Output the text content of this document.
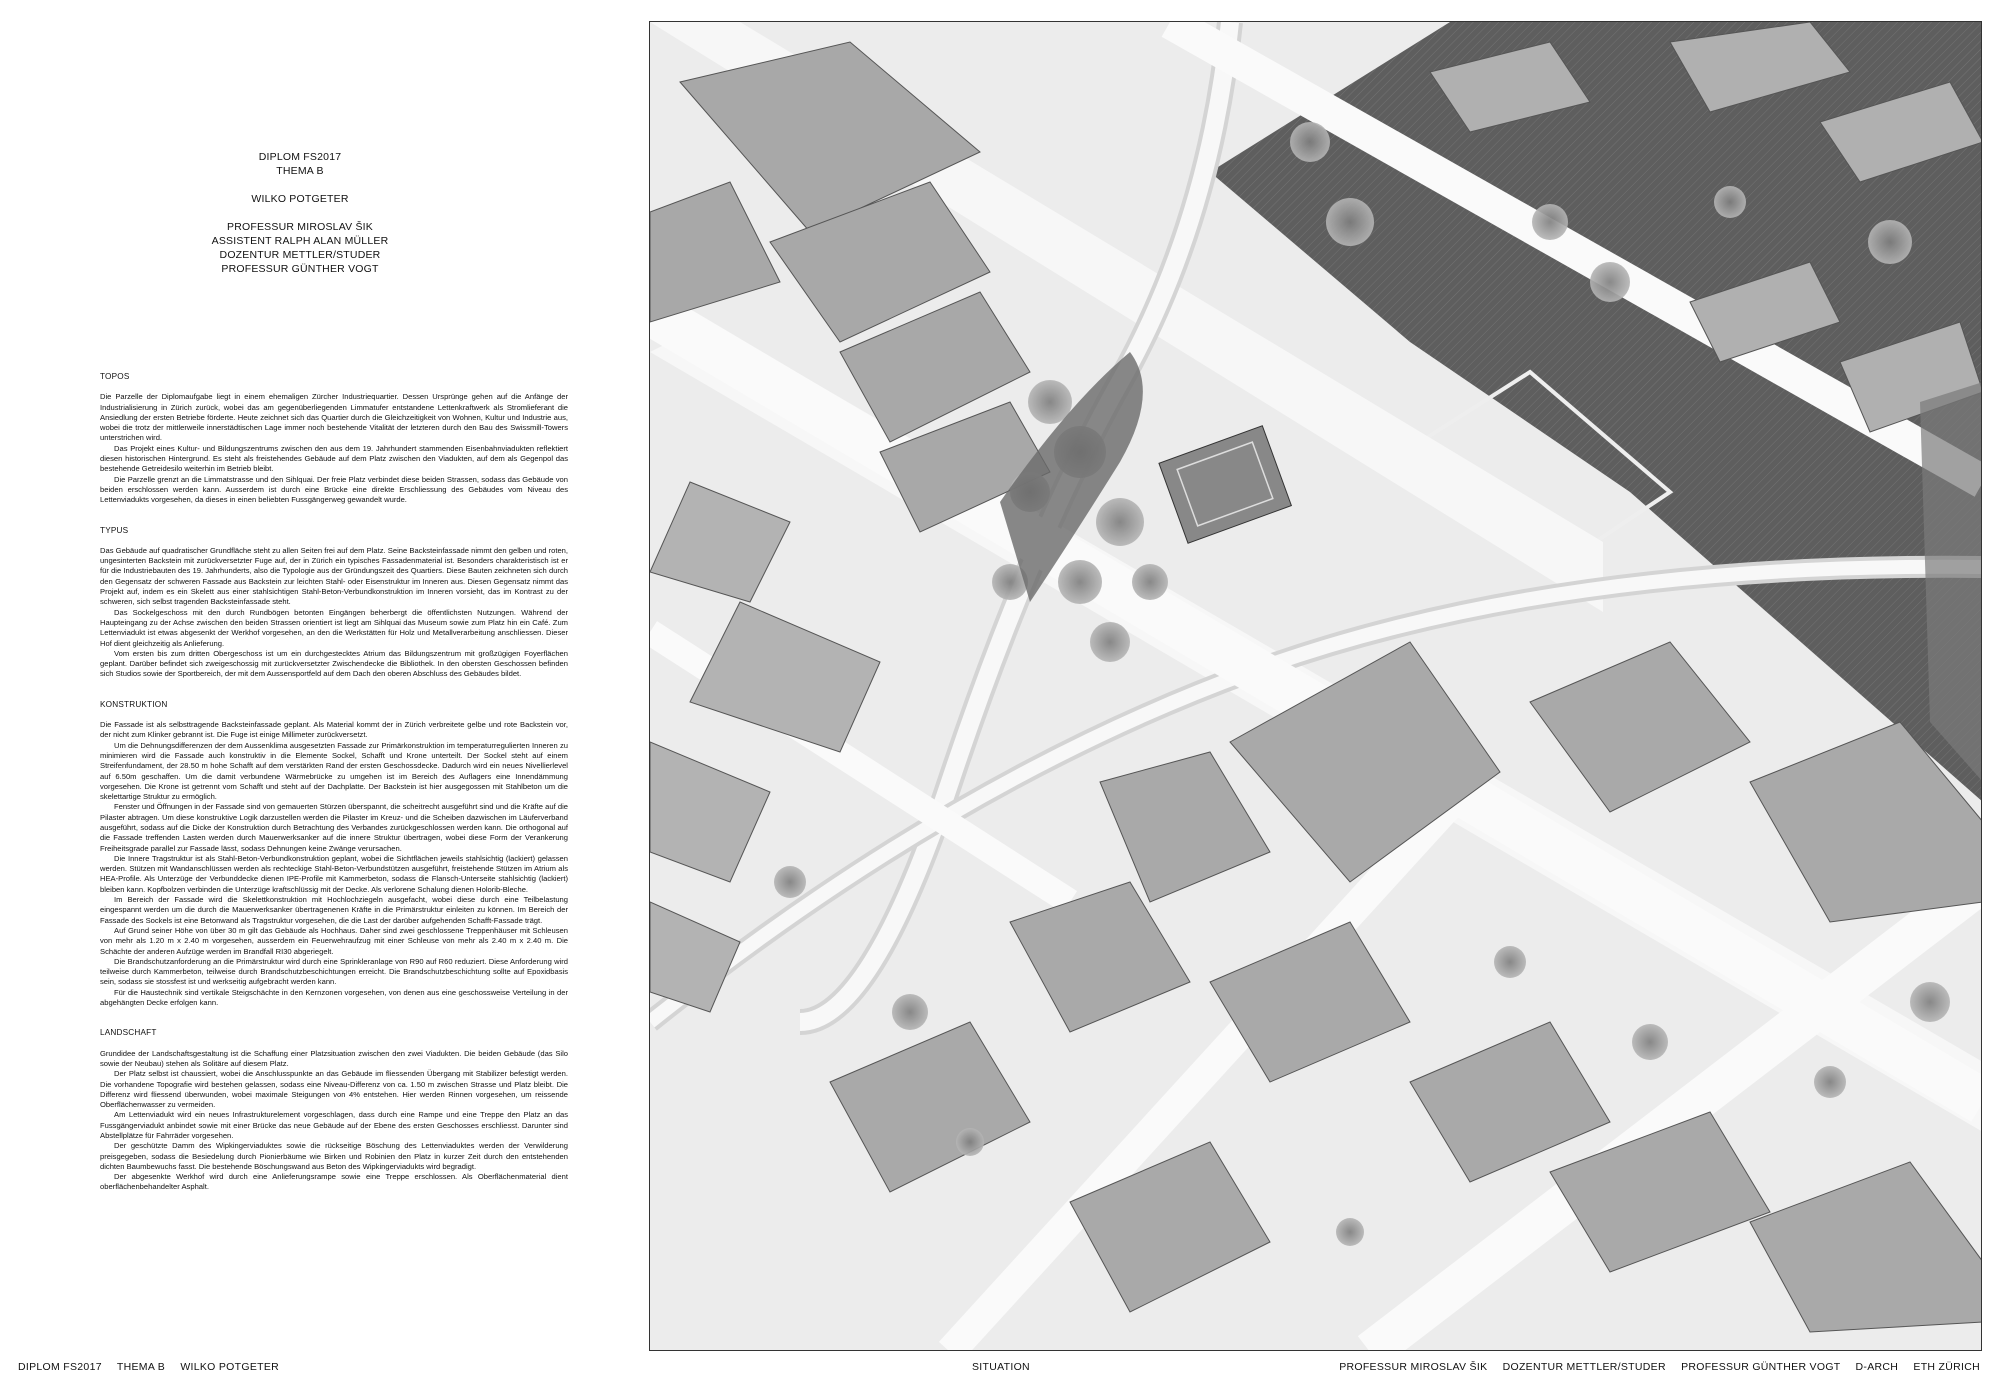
DIPLOM FS2017
THEMA B
WILKO POTGETER
PROFESSUR MIROSLAV ŠIK
ASSISTENT RALPH ALAN MÜLLER
DOZENTUR METTLER/STUDER
PROFESSUR GÜNTHER VOGT
TOPOS

Die Parzelle der Diplomaufgabe liegt in einem ehemaligen Zürcher Industriequartier. Dessen Ursprünge gehen auf die Anfänge der Industrialisierung in Zürich zurück, wobei das am gegenüberliegenden Limmatufer entstandene Lettenkraftwerk als Stromlieferant die Ansiedlung der ersten Betriebe förderte. Heute zeichnet sich das Quartier durch die Gleichzeitigkeit von Wohnen, Kultur und Industrie aus, wobei die trotz der mittlerweile innerstädtischen Lage immer noch bestehende Vitalität der letzteren durch den Bau des Swissmill-Towers unterstrichen wird.

Das Projekt eines Kultur- und Bildungszentrums zwischen den aus dem 19. Jahrhundert stammenden Eisenbahnviadukten reflektiert diesen historischen Hintergrund. Es steht als freistehendes Gebäude auf dem Platz zwischen den Viadukten, auf dem als Gegenpol das bestehende Getreidesilo weiterhin im Betrieb bleibt.

Die Parzelle grenzt an die Limmatstrasse und den Sihlquai. Der freie Platz verbindet diese beiden Strassen, sodass das Gebäude von beiden erschlossen werden kann. Ausserdem ist durch eine Brücke eine direkte Erschliessung des Gebäudes vom Niveau des Lettenviadukts vorgesehen, da dieses in einen beliebten Fussgängerweg gewandelt wurde.

TYPUS

Das Gebäude auf quadratischer Grundfläche steht zu allen Seiten frei auf dem Platz. Seine Backsteinfassade nimmt den gelben und roten, ungesinterten Backstein mit zurückversetzter Fuge auf, der in Zürich ein typisches Fassadenmaterial ist. Besonders charakteristisch ist er für die Industriebauten des 19. Jahrhunderts, also die Typologie aus der Gründungszeit des Quartiers. Diese Bauten zeichneten sich durch den Gegensatz der schweren Fassade aus Backstein zur leichten Stahl- oder Eisenstruktur im Inneren aus. Diesen Gegensatz nimmt das Projekt auf, indem es ein Skelett aus einer stahlsichtigen Stahl-Beton-Verbundkonstruktion im Inneren vorsieht, das im Kontrast zu der schweren, sich selbst tragenden Backsteinfassade steht.

Das Sockelgeschoss mit den durch Rundbögen betonten Eingängen beherbergt die öffentlichsten Nutzungen. Während der Haupteingang zu der Achse zwischen den beiden Strassen orientiert ist liegt am Sihlquai das Museum sowie zum Platz hin ein Café. Zum Lettenviadukt ist etwas abgesenkt der Werkhof vorgesehen, an den die Werkstätten für Holz und Metallverarbeitung anschliessen. Dieser Hof dient gleichzeitig als Anlieferung.

Vom ersten bis zum dritten Obergeschoss ist um ein durchgestecktes Atrium das Bildungszentrum mit großzügigen Foyerflächen geplant. Darüber befindet sich zweigeschossig mit zurückversetzter Zwischendecke die Bibliothek. In den obersten Geschossen befinden sich Studios sowie der Sportbereich, der mit dem Aussensportfeld auf dem Dach den oberen Abschluss des Gebäudes bildet.

KONSTRUKTION

Die Fassade ist als selbsttragende Backsteinfassade geplant. Als Material kommt der in Zürich verbreitete gelbe und rote Backstein vor, der nicht zum Klinker gebrannt ist. Die Fuge ist einige Millimeter zurückversetzt.

Um die Dehnungsdifferenzen der dem Aussenklima ausgesetzten Fassade zur Primärkonstruktion im temperaturregulierten Inneren zu minimieren wird die Fassade auch konstruktiv in die Elemente Sockel, Schafft und Krone unterteilt. Der Sockel steht auf einem Streifenfundament, der 28.50 m hohe Schafft auf dem verstärkten Rand der ersten Geschossdecke. Dadurch wird ein neues Nivellierlevel auf 6.50m geschaffen. Um die damit verbundene Wärmebrücke zu umgehen ist im Bereich des Auflagers eine Innendämmung vorgesehen. Die Krone ist getrennt vom Schafft und steht auf der Dachplatte. Der Backstein ist hier ausgegossen mit Stahlbeton um die skelettartige Struktur zu ermöglich.

Fenster und Öffnungen in der Fassade sind von gemauerten Stürzen überspannt, die scheitrecht ausgeführt sind und die Kräfte auf die Pilaster abtragen. Um diese konstruktive Logik darzustellen werden die Pilaster im Kreuz- und die Scheiben dazwischen im Läuferverband ausgeführt, sodass auf die Dicke der Konstruktion durch Betrachtung des Verbandes zurückgeschlossen werden kann. Die orthogonal auf die Fassade treffenden Lasten werden durch Mauerwerksanker auf die innere Struktur übertragen, wobei diese Form der Verankerung Freiheitsgrade parallel zur Fassade lässt, sodass Dehnungen keine Zwänge verursachen.

Die Innere Tragstruktur ist als Stahl-Beton-Verbundkonstruktion geplant, wobei die Sichtflächen jeweils stahlsichtig (lackiert) gelassen werden. Stützen mit Wandanschlüssen werden als rechteckige Stahl-Beton-Verbundstützen ausgeführt, freistehende Stützen im Atrium als HEA-Profile. Als Unterzüge der Verbunddecke dienen IPE-Profile mit Kammerbeton, sodass die Flansch-Unterseite stahlsichtig (lackiert) bleiben kann. Kopfbolzen verbinden die Unterzüge kraftschlüssig mit der Decke. Als verlorene Schalung dienen Holorib-Bleche.

Im Bereich der Fassade wird die Skelettkonstruktion mit Hochlochziegeln ausgefacht, wobei diese durch eine Teilbelastung eingespannt werden um die durch die Mauerwerksanker übertragenenen Kräfte in die Primärstruktur einleiten zu können. Im Bereich der Fassade des Sockels ist eine Betonwand als Tragstruktur vorgesehen, die die Last der darüber aufgehenden Schafft-Fassade trägt.

Auf Grund seiner Höhe von über 30 m gilt das Gebäude als Hochhaus. Daher sind zwei geschlossene Treppenhäuser mit Schleusen von mehr als 1.20 m x 2.40 m vorgesehen, ausserdem ein Feuerwehraufzug mit einer Schleuse von mehr als 2.40 m x 2.40 m. Die Schächte der anderen Aufzüge werden im Brandfall RI30 abgeriegelt.

Die Brandschutzanforderung an die Primärstruktur wird durch eine Sprinkleranlage von R90 auf R60 reduziert. Diese Anforderung wird teilweise durch Kammerbeton, teilweise durch Brandschutzbeschichtungen erreicht. Die Brandschutzbeschichtung sollte auf Epoxidbasis sein, sodass sie stossfest ist und werkseitig aufgebracht werden kann.

Für die Haustechnik sind vertikale Steigschächte in den Kernzonen vorgesehen, von denen aus eine geschossweise Verteilung in der abgehängten Decke erfolgen kann.

LANDSCHAFT

Grundidee der Landschaftsgestaltung ist die Schaffung einer Platzsituation zwischen den zwei Viadukten. Die beiden Gebäude (das Silo sowie der Neubau) stehen als Solitäre auf diesem Platz.

Der Platz selbst ist chaussiert, wobei die Anschlusspunkte an das Gebäude im fliessenden Übergang mit Stabilizer befestigt werden. Die vorhandene Topografie wird bestehen gelassen, sodass eine Niveau-Differenz von ca. 1.50 m zwischen Strasse und Platz bleibt. Die Differenz wird fliessend überwunden, wobei maximale Steigungen von 4% entstehen. Hier werden Rinnen vorgesehen, um reissende Oberflächenwasser zu vermeiden.

Am Lettenviadukt wird ein neues Infrastrukturelement vorgeschlagen, dass durch eine Rampe und eine Treppe den Platz an das Fussgängerviadukt anbindet sowie mit einer Brücke das neue Gebäude auf der Ebene des ersten Geschosses erschliesst. Darunter sind Abstellplätze für Fahrräder vorgesehen.

Der geschützte Damm des Wipkingerviaduktes sowie die rückseitige Böschung des Lettenviaduktes werden der Verwilderung preisgegeben, sodass die Besiedelung durch Pionierbäume wie Birken und Robinien den Platz in kurzer Zeit durch den entstehenden dichten Baumbewuchs fasst. Die bestehende Böschungswand aus Beton des Wipkingerviadukts wird begradigt.

Der abgesenkte Werkhof wird durch eine Anlieferungsrampe sowie eine Treppe erschlossen. Als Oberflächenmaterial dient oberflächenbehandelter Asphalt.

DIPLOM FS2017 THEMA B WILKO POTGETER	SITUATION	PROFESSUR MIROSLAV ŠIK DOZENTUR METTLER/STUDER PROFESSUR GÜNTHER VOGT D-ARCH ETH ZÜRICH
